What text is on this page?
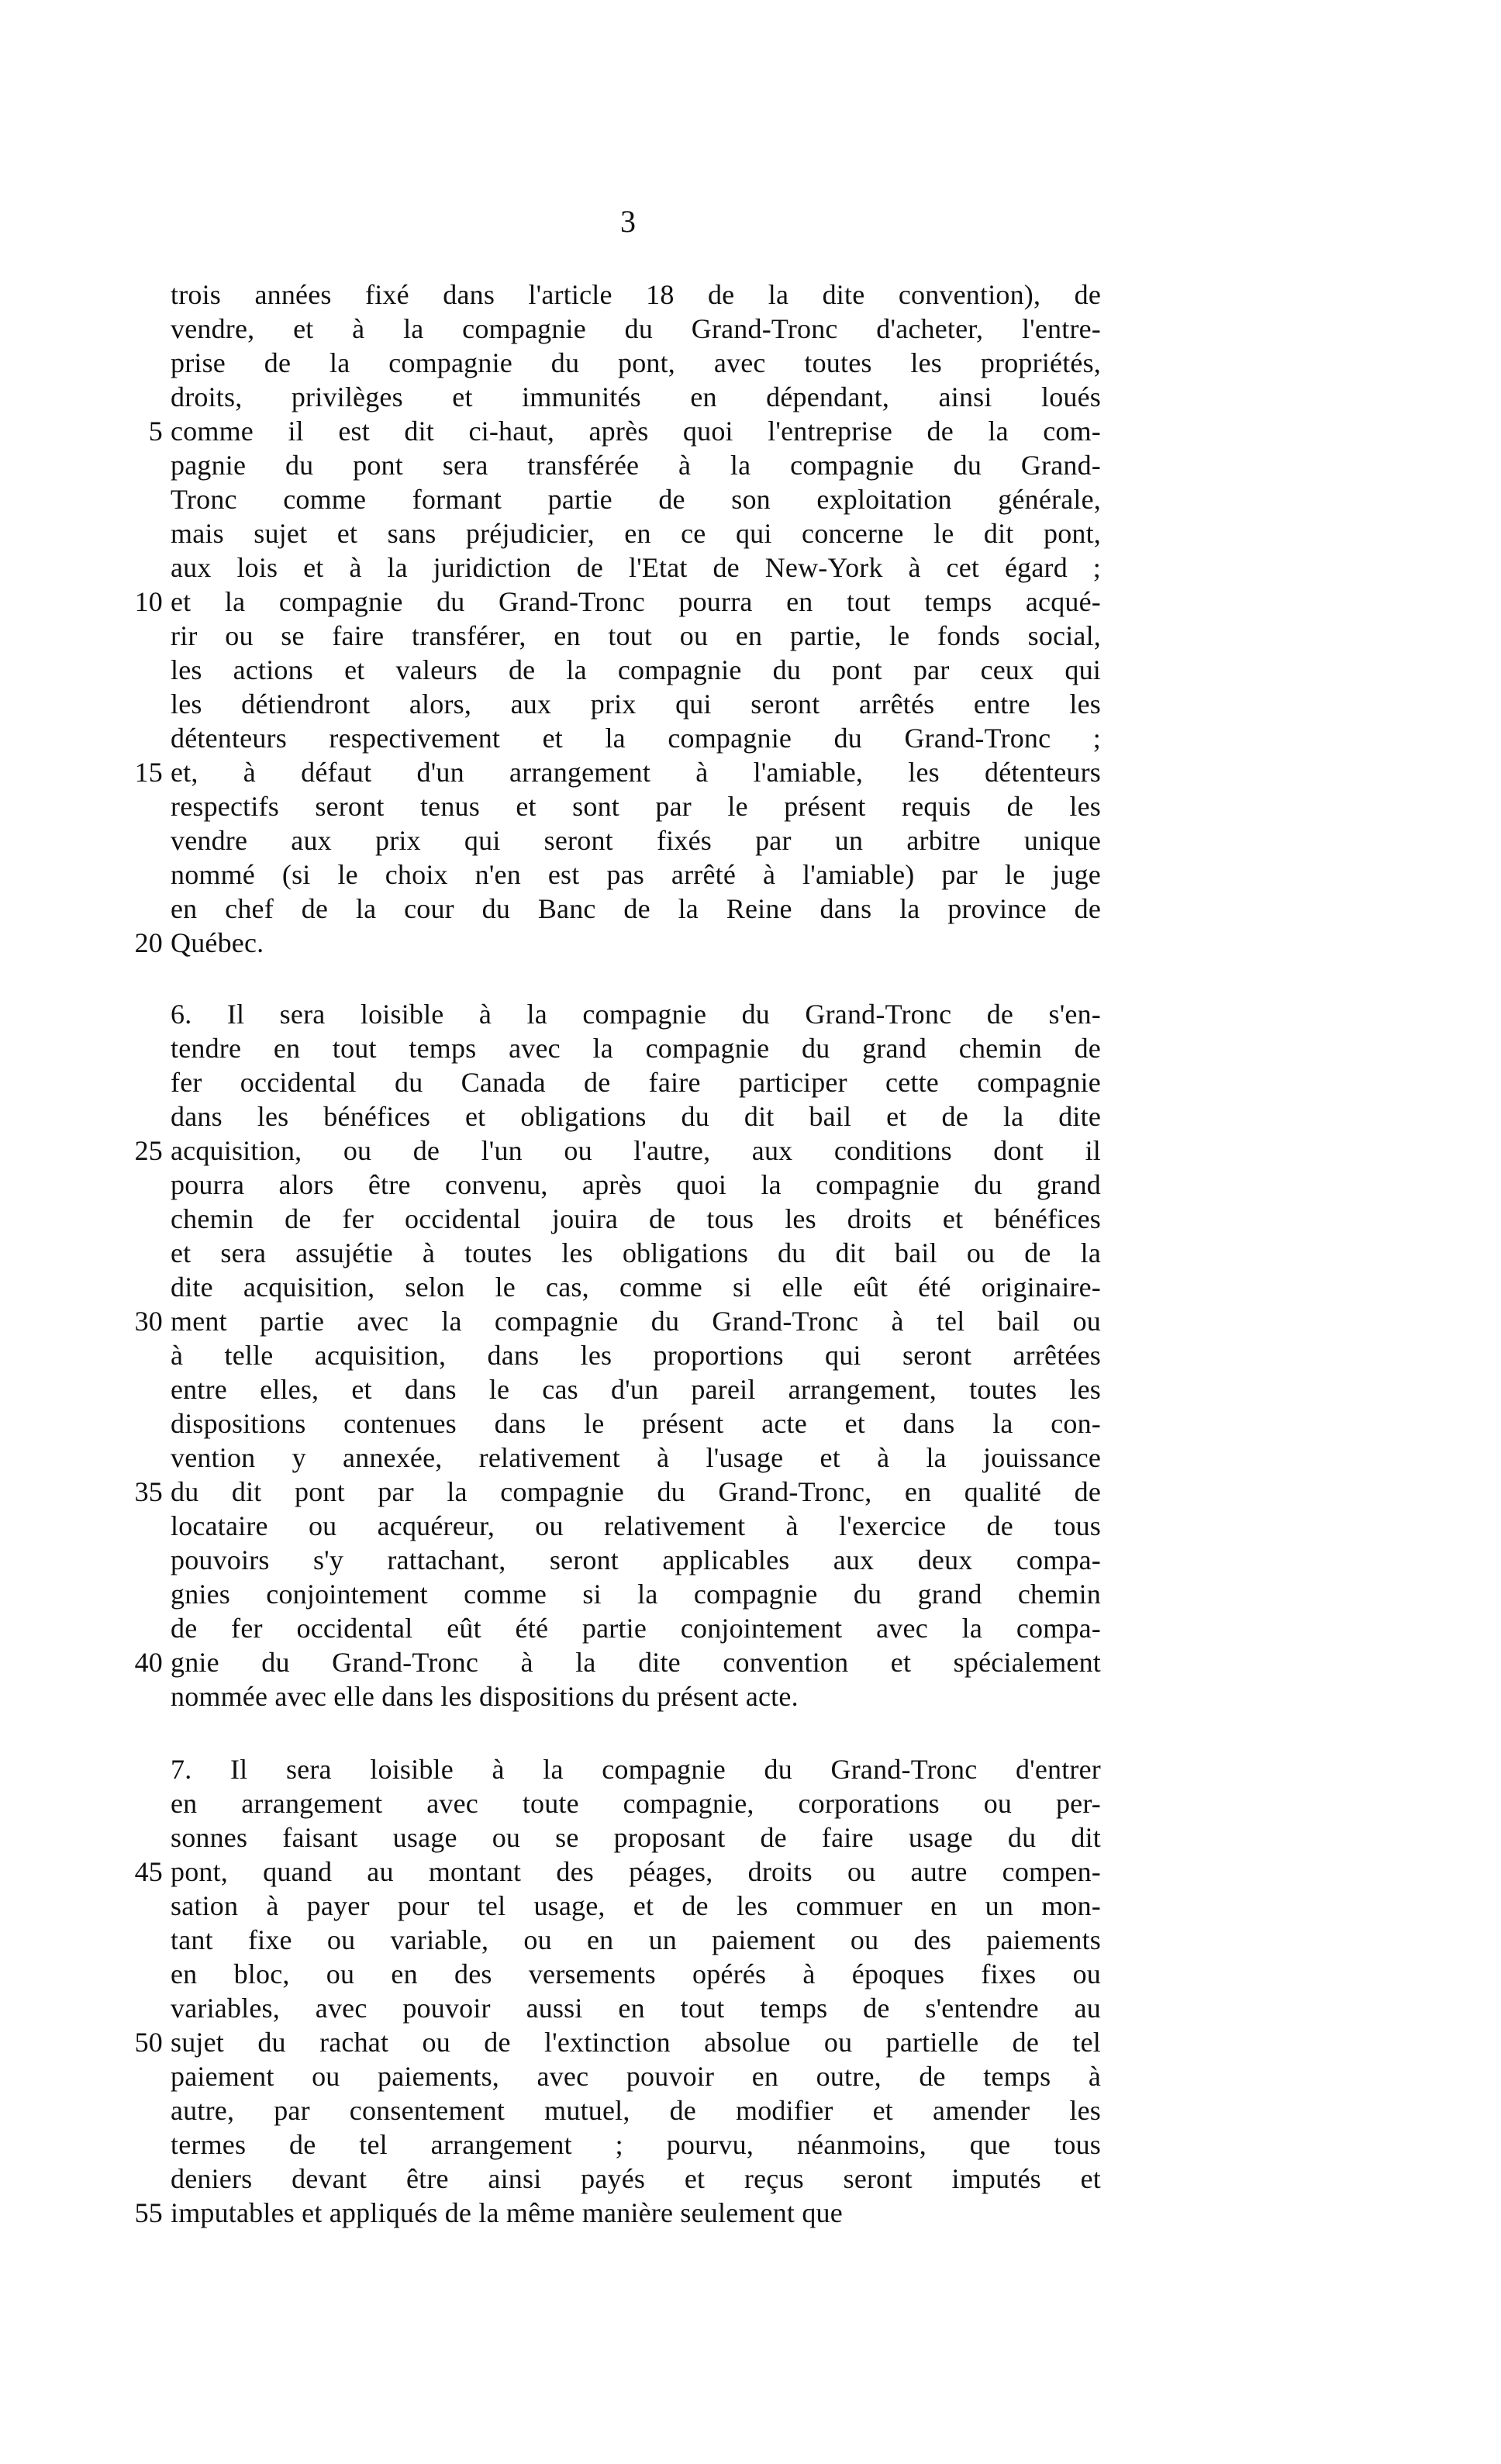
3
trois années fixé dans l'article 18 de la dite convention), de
vendre, et à la compagnie du Grand-Tronc d'acheter, l'entre-
prise de la compagnie du pont, avec toutes les propriétés,
droits, privilèges et immunités en dépendant, ainsi loués
5 comme il est dit ci-haut, après quoi l'entreprise de la com-
pagnie du pont sera transférée à la compagnie du Grand-
Tronc comme formant partie de son exploitation générale,
mais sujet et sans préjudicier, en ce qui concerne le dit pont,
aux lois et à la juridiction de l'Etat de New-York à cet égard ;
10 et la compagnie du Grand-Tronc pourra en tout temps acqué-
rir ou se faire transférer, en tout ou en partie, le fonds social,
les actions et valeurs de la compagnie du pont par ceux qui
les détiendront alors, aux prix qui seront arrêtés entre les
détenteurs respectivement et la compagnie du Grand-Tronc ;
15 et, à défaut d'un arrangement à l'amiable, les détenteurs
respectifs seront tenus et sont par le présent requis de les
vendre aux prix qui seront fixés par un arbitre unique
nommé (si le choix n'en est pas arrêté à l'amiable) par le juge
en chef de la cour du Banc de la Reine dans la province de
20 Québec.
6. Il sera loisible à la compagnie du Grand-Tronc de s'en-
tendre en tout temps avec la compagnie du grand chemin de
fer occidental du Canada de faire participer cette compagnie
dans les bénéfices et obligations du dit bail et de la dite
25 acquisition, ou de l'un ou l'autre, aux conditions dont il
pourra alors être convenu, après quoi la compagnie du grand
chemin de fer occidental jouira de tous les droits et bénéfices
et sera assujétie à toutes les obligations du dit bail ou de la
dite acquisition, selon le cas, comme si elle eût été originaire-
30 ment partie avec la compagnie du Grand-Tronc à tel bail ou
à telle acquisition, dans les proportions qui seront arrêtées
entre elles, et dans le cas d'un pareil arrangement, toutes les
dispositions contenues dans le présent acte et dans la con-
vention y annexée, relativement à l'usage et à la jouissance
35 du dit pont par la compagnie du Grand-Tronc, en qualité de
locataire ou acquéreur, ou relativement à l'exercice de tous
pouvoirs s'y rattachant, seront applicables aux deux compa-
gnies conjointement comme si la compagnie du grand chemin
de fer occidental eût été partie conjointement avec la compa-
40 gnie du Grand-Tronc à la dite convention et spécialement
nommée avec elle dans les dispositions du présent acte.
7. Il sera loisible à la compagnie du Grand-Tronc d'entrer
en arrangement avec toute compagnie, corporations ou per-
sonnes faisant usage ou se proposant de faire usage du dit
45 pont, quand au montant des péages, droits ou autre compen-
sation à payer pour tel usage, et de les commuer en un mon-
tant fixe ou variable, ou en un paiement ou des paiements
en bloc, ou en des versements opérés à époques fixes ou
variables, avec pouvoir aussi en tout temps de s'entendre au
50 sujet du rachat ou de l'extinction absolue ou partielle de tel
paiement ou paiements, avec pouvoir en outre, de temps à
autre, par consentement mutuel, de modifier et amender les
termes de tel arrangement ; pourvu, néanmoins, que tous
deniers devant être ainsi payés et reçus seront imputés et
55 imputables et appliqués de la même manière seulement que
